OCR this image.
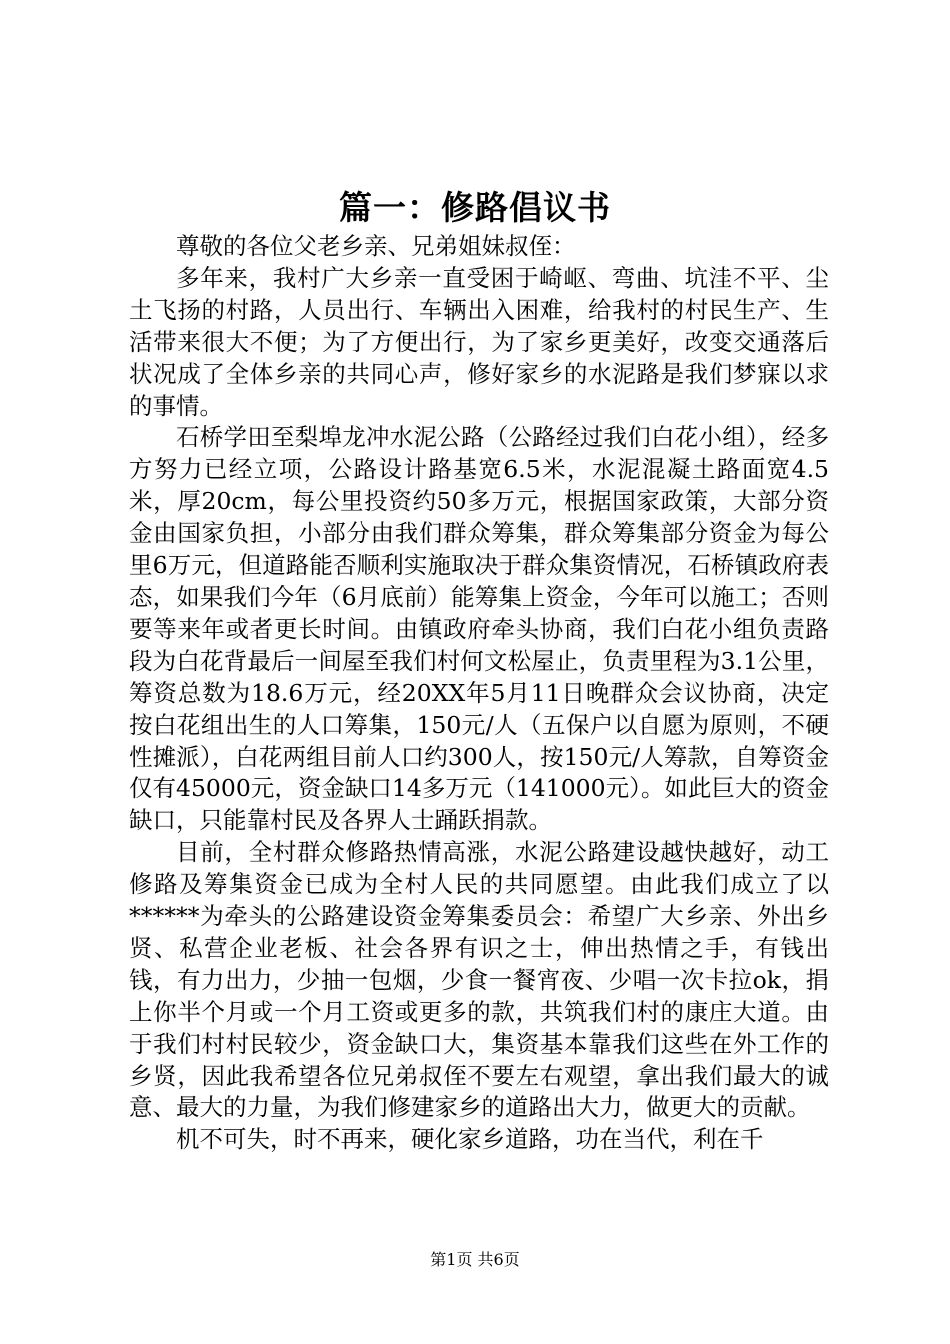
篇一：修路倡议书

尊敬的各位父老乡亲、兄弟姐妹叔侄：

多年来，我村广大乡亲一直受困于崎岖、弯曲、坑洼不平、尘土飞扬的村路，人员出行、车辆出入困难，给我村的村民生产、生活带来很大不便；为了方便出行，为了家乡更美好，改变交通落后状况成了全体乡亲的共同心声，修好家乡的水泥路是我们梦寐以求的事情。

石桥学田至梨埠龙冲水泥公路（公路经过我们白花小组），经多方努力已经立项，公路设计路基宽6.5米，水泥混凝土路面宽4.5米，厚20cm，每公里投资约50多万元，根据国家政策，大部分资金由国家负担，小部分由我们群众筹集，群众筹集部分资金为每公里6万元，但道路能否顺利实施取决于群众集资情况，石桥镇政府表态，如果我们今年（6月底前）能筹集上资金，今年可以施工；否则要等来年或者更长时间。由镇政府牵头协商，我们白花小组负责路段为白花背最后一间屋至我们村何文松屋止，负责里程为3.1公里，筹资总数为18.6万元，经20XX年5月11日晚群众会议协商，决定按白花组出生的人口筹集，150元/人（五保户以自愿为原则，不硬性摊派），白花两组目前人口约300人，按150元/人筹款，自筹资金仅有45000元，资金缺口14多万元（141000元）。如此巨大的资金缺口，只能靠村民及各界人士踊跃捐款。

目前，全村群众修路热情高涨，水泥公路建设越快越好，动工修路及筹集资金已成为全村人民的共同愿望。由此我们成立了以******为牵头的公路建设资金筹集委员会：希望广大乡亲、外出乡贤、私营企业老板、社会各界有识之士，伸出热情之手，有钱出钱，有力出力，少抽一包烟，少食一餐宵夜、少唱一次卡拉ok，捐上你半个月或一个月工资或更多的款，共筑我们村的康庄大道。由于我们村村民较少，资金缺口大，集资基本靠我们这些在外工作的乡贤，因此我希望各位兄弟叔侄不要左右观望，拿出我们最大的诚意、最大的力量，为我们修建家乡的道路出大力，做更大的贡献。

机不可失，时不再来，硬化家乡道路，功在当代，利在千

第1页 共6页
